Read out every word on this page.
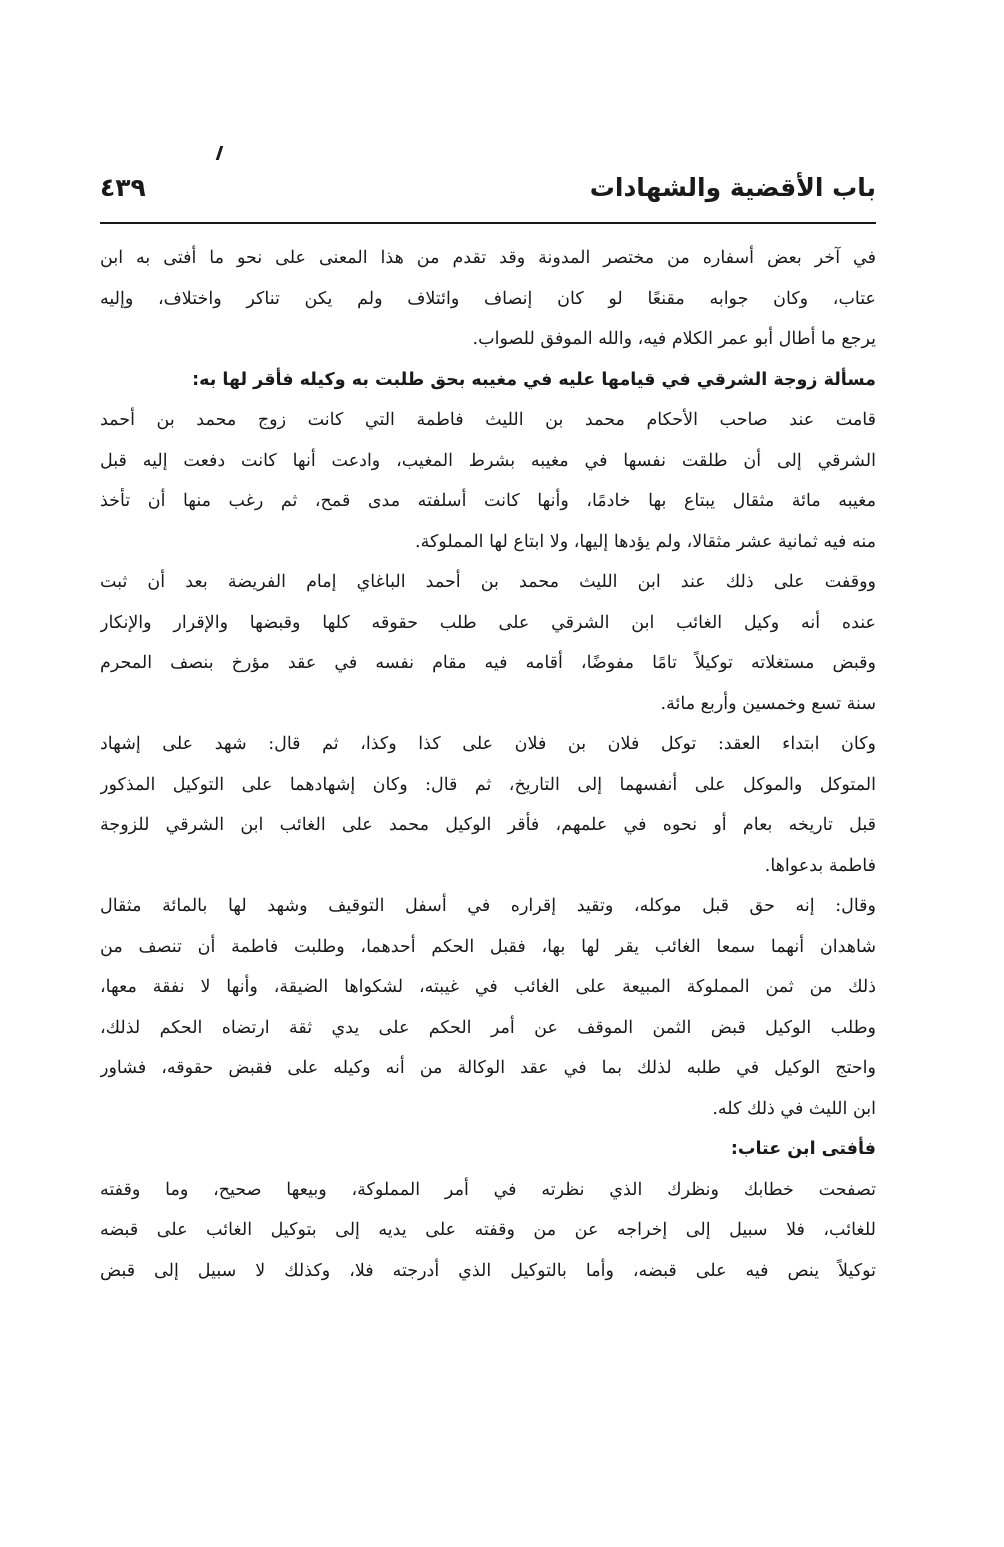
باب الأقضية والشهادات
٤٣٩
في آخر بعض أسفاره من مختصر المدونة وقد تقدم من هذا المعنى على نحو ما أفتى به ابن
عتاب، وكان جوابه مقنعًا لو كان إنصاف وائتلاف ولم يكن تناكر واختلاف، وإليه
يرجع ما أطال أبو عمر الكلام فيه، والله الموفق للصواب.
مسألة زوجة الشرقي في قيامها عليه في مغيبه بحق طلبت به وكيله فأقر لها به:
قامت عند صاحب الأحكام محمد بن الليث فاطمة التي كانت زوج محمد بن أحمد
الشرقي إلى أن طلقت نفسها في مغيبه بشرط المغيب، وادعت أنها كانت دفعت إليه قبل
مغيبه مائة مثقال يبتاع بها خادمًا، وأنها كانت أسلفته مدى قمح، ثم رغب منها أن تأخذ
منه فيه ثمانية عشر مثقالا، ولم يؤدها إليها، ولا ابتاع لها المملوكة.
ووقفت على ذلك عند ابن الليث محمد بن أحمد الباغاي إمام الفريضة بعد أن ثبت
عنده أنه وكيل الغائب ابن الشرقي على طلب حقوقه كلها وقبضها والإقرار والإنكار
وقبض مستغلاته توكيلاً تامًا مفوضًا، أقامه فيه مقام نفسه في عقد مؤرخ بنصف المحرم
سنة تسع وخمسين وأربع مائة.
وكان ابتداء العقد: توكل فلان بن فلان على كذا وكذا، ثم قال: شهد على إشهاد
المتوكل والموكل على أنفسهما إلى التاريخ، ثم قال: وكان إشهادهما على التوكيل المذكور
قبل تاريخه بعام أو نحوه في علمهم، فأقر الوكيل محمد على الغائب ابن الشرقي للزوجة
فاطمة بدعواها.
وقال: إنه حق قبل موكله، وتقيد إقراره في أسفل التوقيف وشهد لها بالمائة مثقال
شاهدان أنهما سمعا الغائب يقر لها بها، فقبل الحكم أحدهما، وطلبت فاطمة أن تنصف من
ذلك من ثمن المملوكة المبيعة على الغائب في غيبته، لشكواها الضيقة، وأنها لا نفقة معها،
وطلب الوكيل قبض الثمن الموقف عن أمر الحكم على يدي ثقة ارتضاه الحكم لذلك،
واحتج الوكيل في طلبه لذلك بما في عقد الوكالة من أنه وكيله على فقبض حقوقه، فشاور
ابن الليث في ذلك كله.
فأفتى ابن عتاب:
تصفحت خطابك ونظرك الذي نظرته في أمر المملوكة، وبيعها صحيح، وما وقفته
للغائب، فلا سبيل إلى إخراجه عن من وقفته على يديه إلى بتوكيل الغائب على قبضه
توكيلاً ينص فيه على قبضه، وأما بالتوكيل الذي أدرجته فلا، وكذلك لا سبيل إلى قبض
